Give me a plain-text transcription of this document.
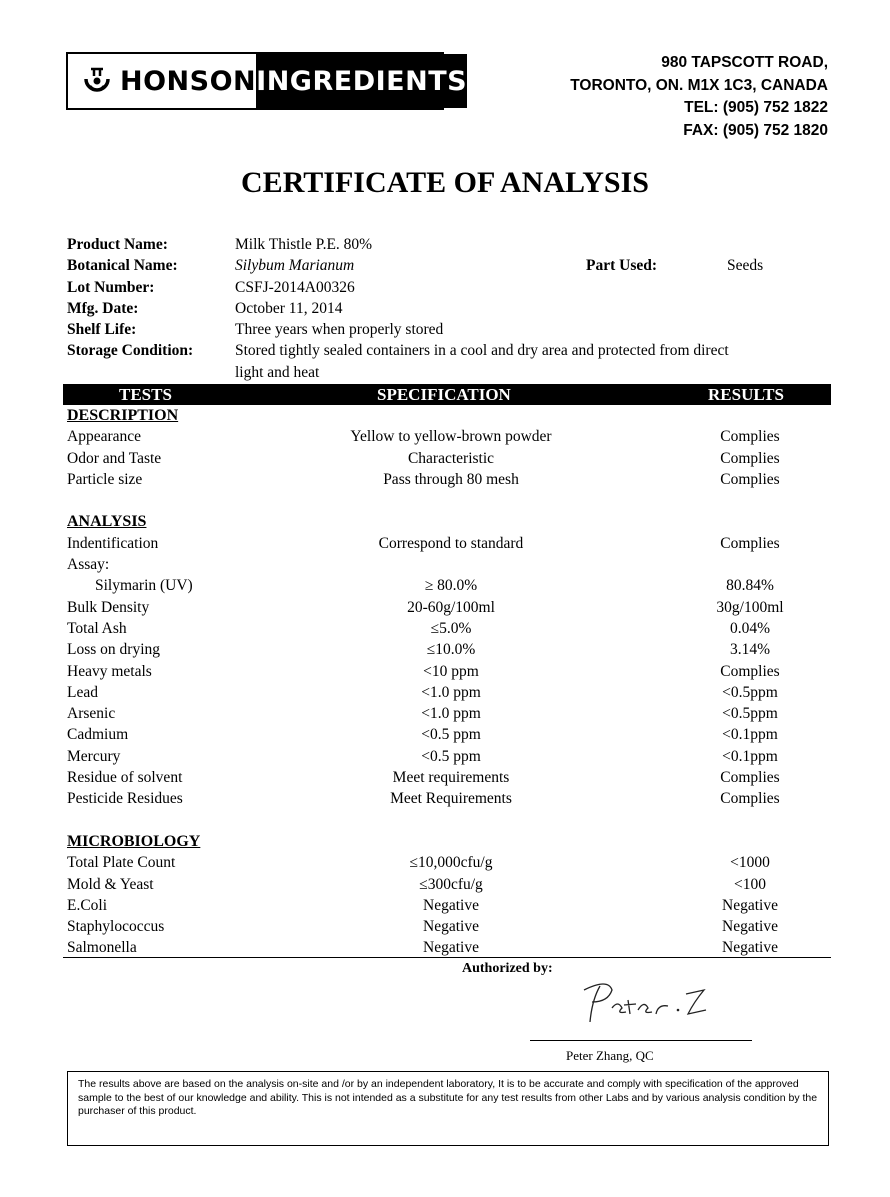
HONSON INGREDIENTS
980 TAPSCOTT ROAD,
TORONTO, ON. M1X 1C3, CANADA
TEL: (905) 752 1822
FAX: (905) 752 1820
CERTIFICATE OF ANALYSIS
Product Name:	Milk Thistle P.E. 80%
Botanical Name:	Silybum Marianum	Part Used:	Seeds
Lot Number:	CSFJ-2014A00326
Mfg. Date:	October 11, 2014
Shelf Life:	Three years when properly stored
Storage Condition:	Stored tightly sealed containers in a cool and dry area and protected from direct
light and heat
TESTS	SPECIFICATION	RESULTS
DESCRIPTION
Appearance	Yellow to yellow-brown powder	Complies
Odor and Taste	Characteristic	Complies
Particle size	Pass through 80 mesh	Complies
ANALYSIS
Indentification	Correspond to standard	Complies
Assay:
Silymarin (UV)	≥ 80.0%	80.84%
Bulk Density	20-60g/100ml	30g/100ml
Total Ash	≤5.0%	0.04%
Loss on drying	≤10.0%	3.14%
Heavy metals	<10 ppm	Complies
Lead	<1.0 ppm	<0.5ppm
Arsenic	<1.0 ppm	<0.5ppm
Cadmium	<0.5 ppm	<0.1ppm
Mercury	<0.5 ppm	<0.1ppm
Residue of solvent	Meet requirements	Complies
Pesticide Residues	Meet Requirements	Complies
MICROBIOLOGY
Total Plate Count	≤10,000cfu/g	<1000
Mold & Yeast	≤300cfu/g	<100
E.Coli	Negative	Negative
Staphylococcus	Negative	Negative
Salmonella	Negative	Negative
Authorized by:
Peter Zhang, QC
The results above are based on the analysis on-site and /or by an independent laboratory, It is to be accurate and comply with specification of the approved sample to the best of our knowledge and ability. This is not intended as a substitute for any test results from other Labs and by various analysis condition by the purchaser of this product.
